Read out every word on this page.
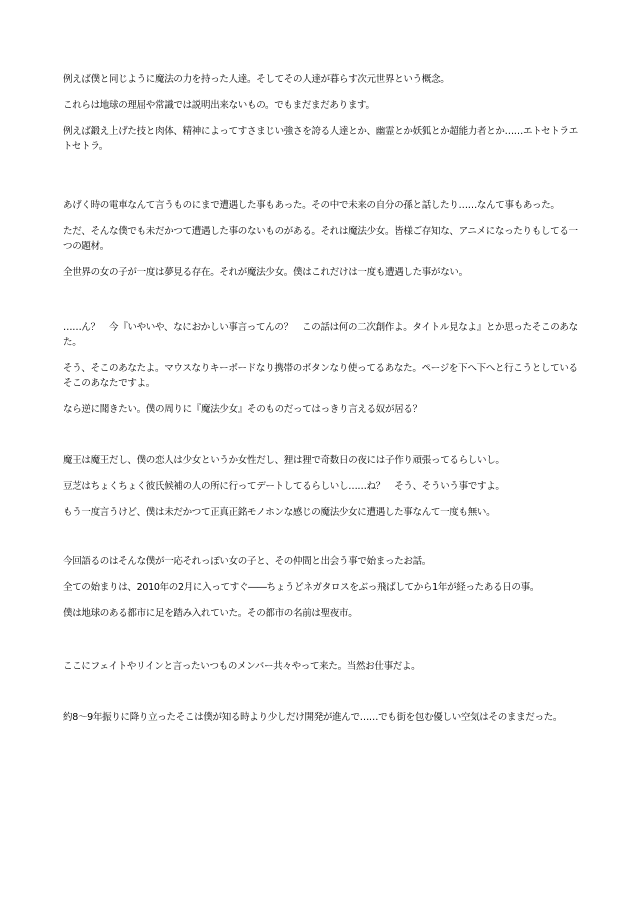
例えば僕と同じように魔法の力を持った人達。そしてその人達が暮らす次元世界という概念。

これらは地球の理屈や常識では説明出来ないもの。でもまだまだあります。

例えば鍛え上げた技と肉体、精神によってすさまじい強さを誇る人達とか、幽霊とか妖狐とか超能力者とか……エトセトラエトセトラ。

あげく時の電車なんて言うものにまで遭遇した事もあった。その中で未来の自分の孫と話したり……なんて事もあった。

ただ、そんな僕でも未だかつて遭遇した事のないものがある。それは魔法少女。皆様ご存知な、アニメになったりもしてる一つの題材。

全世界の女の子が一度は夢見る存在。それが魔法少女。僕はこれだけは一度も遭遇した事がない。

……ん？　今『いやいや、なにおかしい事言ってんの？　この話は何の二次創作よ。タイトル見なよ』とか思ったそこのあなた。

そう、そこのあなたよ。マウスなりキーボードなり携帯のボタンなり使ってるあなた。ページを下へ下へと行こうとしているそこのあなたですよ。

なら逆に聞きたい。僕の周りに『魔法少女』そのものだってはっきり言える奴が居る？

魔王は魔王だし、僕の恋人は少女というか女性だし、狸は狸で奇数日の夜には子作り頑張ってるらしいし。

豆芝はちょくちょく彼氏候補の人の所に行ってデートしてるらしいし……ね？　そう、そういう事ですよ。

もう一度言うけど、僕は未だかつて正真正銘モノホンな感じの魔法少女に遭遇した事なんて一度も無い。

今回語るのはそんな僕が一応それっぽい女の子と、その仲間と出会う事で始まったお話。

全ての始まりは、2010年の2月に入ってすぐ――ちょうどネガタロスをぶっ飛ばしてから1年が経ったある日の事。

僕は地球のある都市に足を踏み入れていた。その都市の名前は聖夜市。

ここにフェイトやリインと言ったいつものメンバー共々やって来た。当然お仕事だよ。

約8～9年振りに降り立ったそこは僕が知る時より少しだけ開発が進んで……でも街を包む優しい空気はそのままだった。
